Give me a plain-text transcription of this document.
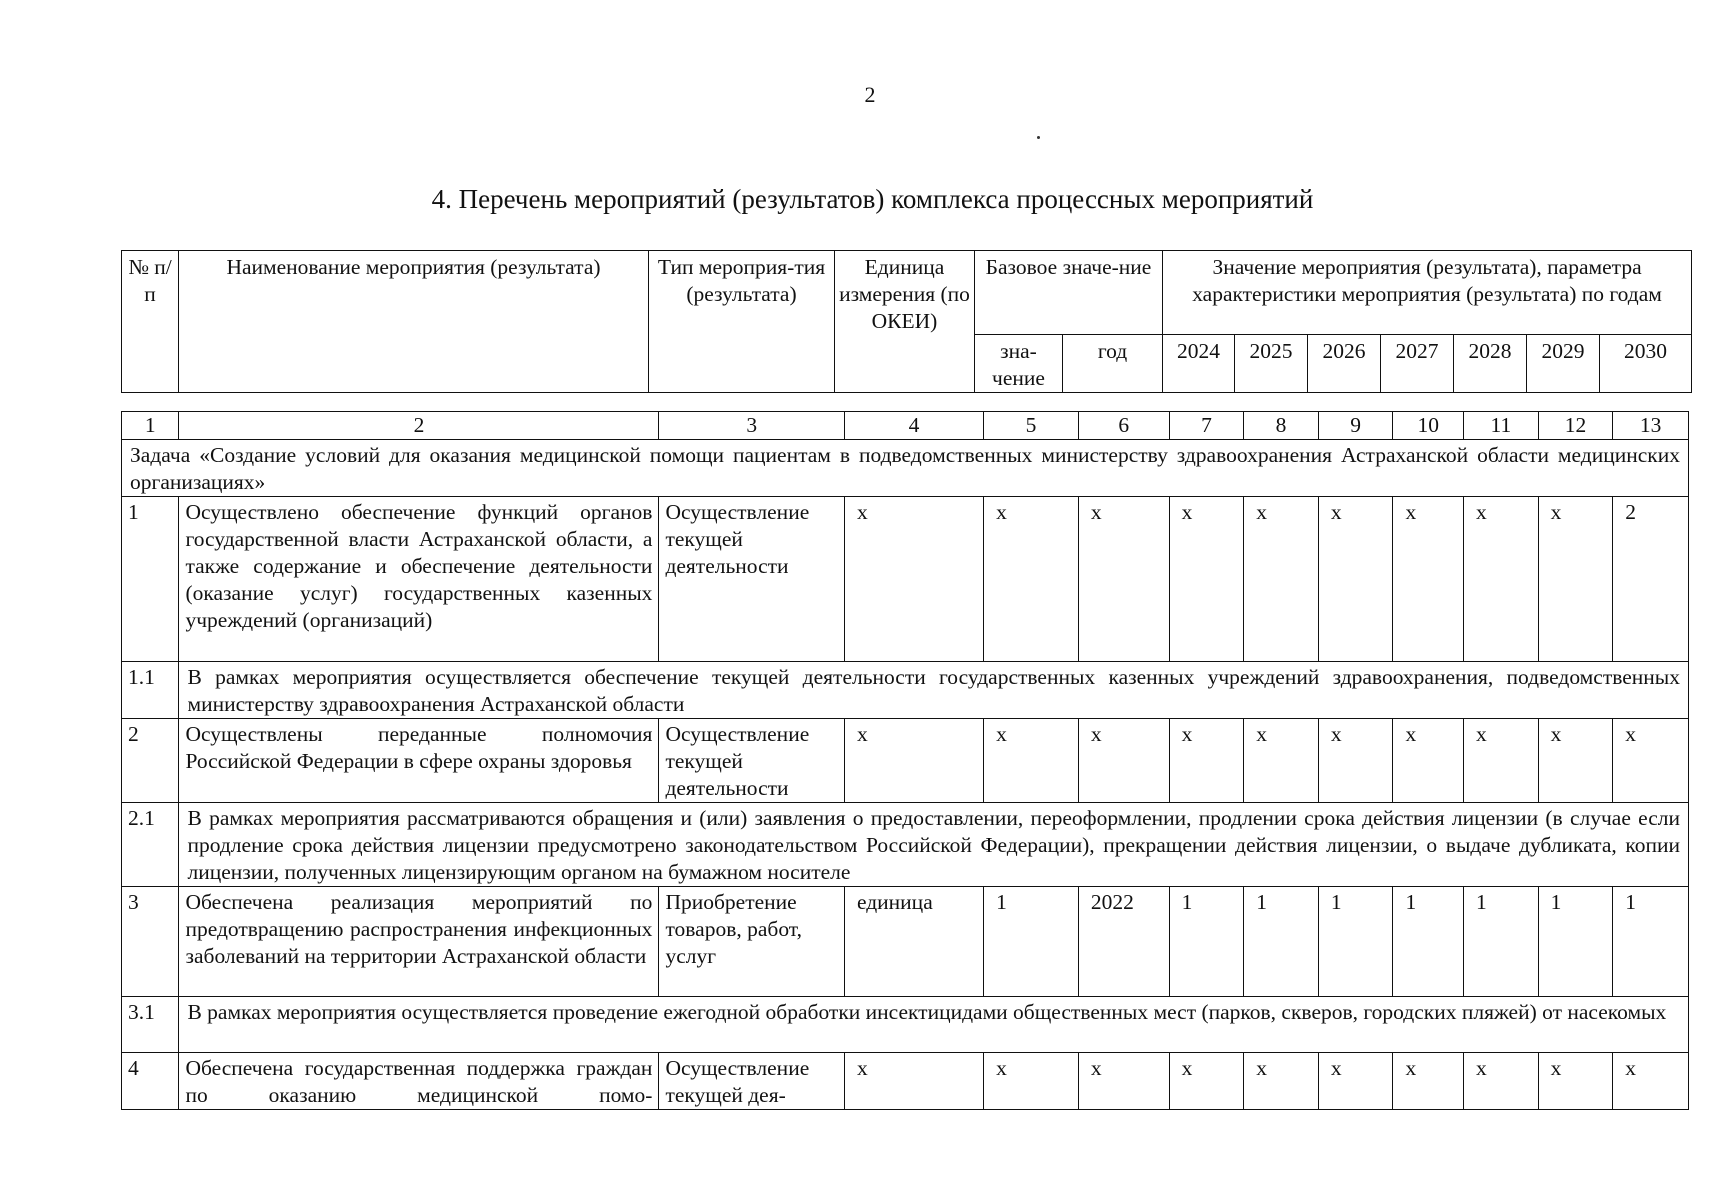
2
4. Перечень мероприятий (результатов) комплекса процессных мероприятий
№ п/п	Наименование мероприятия (результата)	Тип мероприя-тия (результата)	Единица измерения (по ОКЕИ)	Базовое значе-ние		Значение мероприятия (результата), параметра характеристики мероприятия (результата) по годам						
				зна-чение	год	2024	2025	2026	2027	2028	2029	2030
1	2	3	4	5	6	7	8	9	10	11	12	13
Задача «Создание условий для оказания медицинской помощи пациентам в подведомственных министерству здравоохранения Астраханской области медицинских организациях»												
1	Осуществлено обеспечение функций органов государственной власти Астраханской области, а также содержание и обеспечение деятельности (оказание услуг) государственных казенных учреждений (организаций)	Осуществление текущей деятельности	x	x	x	x	x	x	x	x	x	2
1.1	В рамках мероприятия осуществляется обеспечение текущей деятельности государственных казенных учреждений здравоохранения, подведомственных министерству здравоохранения Астраханской области											
2	Осуществлены переданные полномочия Российской Федерации в сфере охраны здоровья	Осуществление текущей деятельности	x	x	x	x	x	x	x	x	x	x
2.1	В рамках мероприятия рассматриваются обращения и (или) заявления о предоставлении, переоформлении, продлении срока действия лицензии (в случае если продление срока действия лицензии предусмотрено законодательством Российской Федерации), прекращении действия лицензии, о выдаче дубликата, копии лицензии, полученных лицензирующим органом на бумажном носителе											
3	Обеспечена реализация мероприятий по предотвращению распространения инфекционных заболеваний на территории Астраханской области	Приобретение товаров, работ, услуг	единица	1	2022	1	1	1	1	1	1	1
3.1	В рамках мероприятия осуществляется проведение ежегодной обработки инсектицидами общественных мест (парков, скверов, городских пляжей) от насекомых											
4	Обеспечена государственная поддержка граждан по оказанию медицинской помо-	Осуществление текущей дея-	x	x	x	x	x	x	x	x	x	x
